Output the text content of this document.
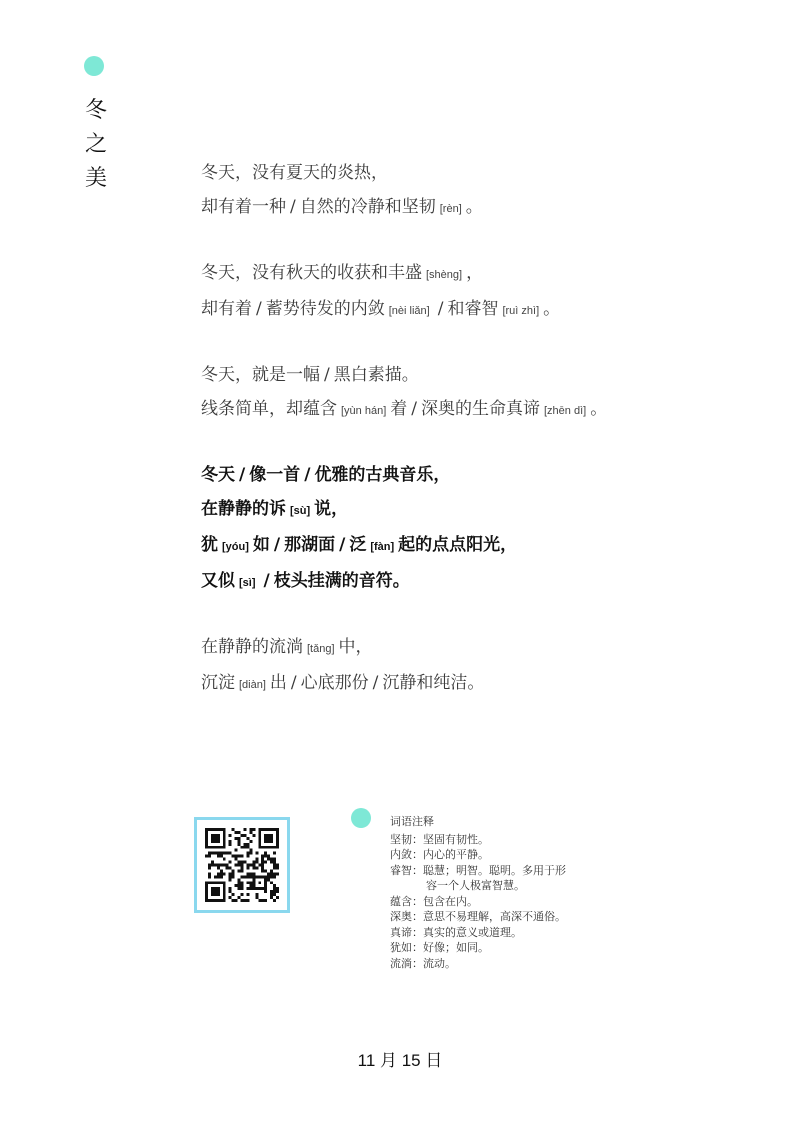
冬
之
美	冬天，没有夏天的炎热，
却有着一种 / 自然的冷静和坚韧 [rèn] 。
冬天，没有秋天的收获和丰盛 [shèng] ，
却有着 / 蓄势待发的内敛 [nèi liǎn] / 和睿智 [ruì zhì] 。
冬天，就是一幅 / 黑白素描。
线条简单，却蕴含 [yùn hán] 着 / 深奥的生命真谛 [zhēn dì] 。
冬天 / 像一首 / 优雅的古典音乐，
在静静的诉 [sù] 说，
犹 [yóu] 如 / 那湖面 / 泛 [fàn] 起的点点阳光，
又似 [sì] / 枝头挂满的音符。
在静静的流淌 [tǎng] 中，
沉淀 [diàn] 出 / 心底那份 / 沉静和纯洁。
词语注释
坚韧：坚固有韧性。
内敛：内心的平静。
睿智：聪慧；明智。聪明。多用于形
容一个人极富智慧。
蕴含：包含在内。
深奥：意思不易理解，高深不通俗。
真谛：真实的意义或道理。
犹如：好像；如同。
流淌：流动。
11 月 15 日
